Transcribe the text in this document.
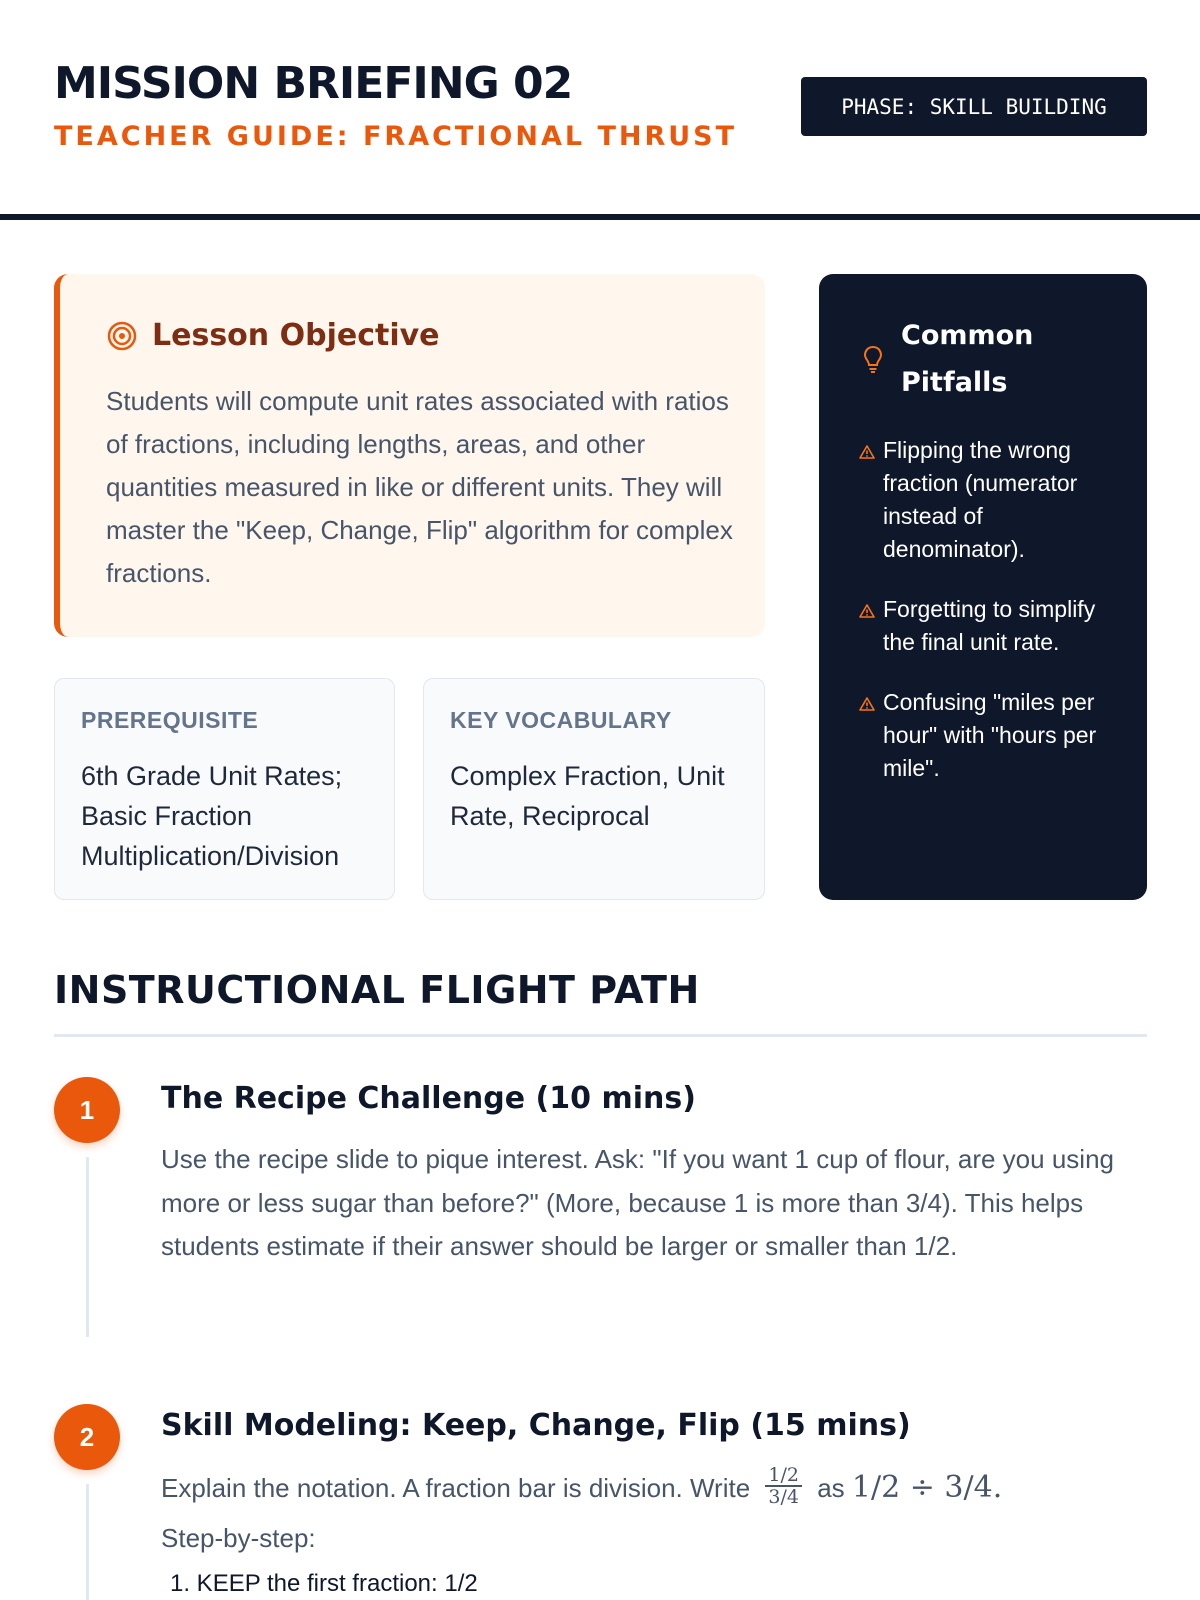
MISSION BRIEFING 02
TEACHER GUIDE: FRACTIONAL THRUST
PHASE: SKILL BUILDING
Lesson Objective

Students will compute unit rates associated with ratios of fractions, including lengths, areas, and other quantities measured in like or different units. They will master the "Keep, Change, Flip" algorithm for complex fractions.

PREREQUISITE
6th Grade Unit Rates; Basic Fraction Multiplication/Division
KEY VOCABULARY
Complex Fraction, Unit Rate, Reciprocal
Common Pitfalls
Flipping the wrong fraction (numerator instead of denominator).
Forgetting to simplify the final unit rate.
Confusing "miles per hour" with "hours per mile".
INSTRUCTIONAL FLIGHT PATH
1	The Recipe Challenge (10 mins)

Use the recipe slide to pique interest. Ask: "If you want 1 cup of flour, are you using more or less sugar than before?" (More, because 1 is more than 3/4). This helps students estimate if their answer should be larger or smaller than 1/2.

2	Skill Modeling: Keep, Change, Flip (15 mins)
Explain the notation. A fraction bar is division. Write $\frac{1/2}{3/4}$ as 1/2 ÷ 3/4.
Step-by-step:
1. KEEP the first fraction: 1/2
